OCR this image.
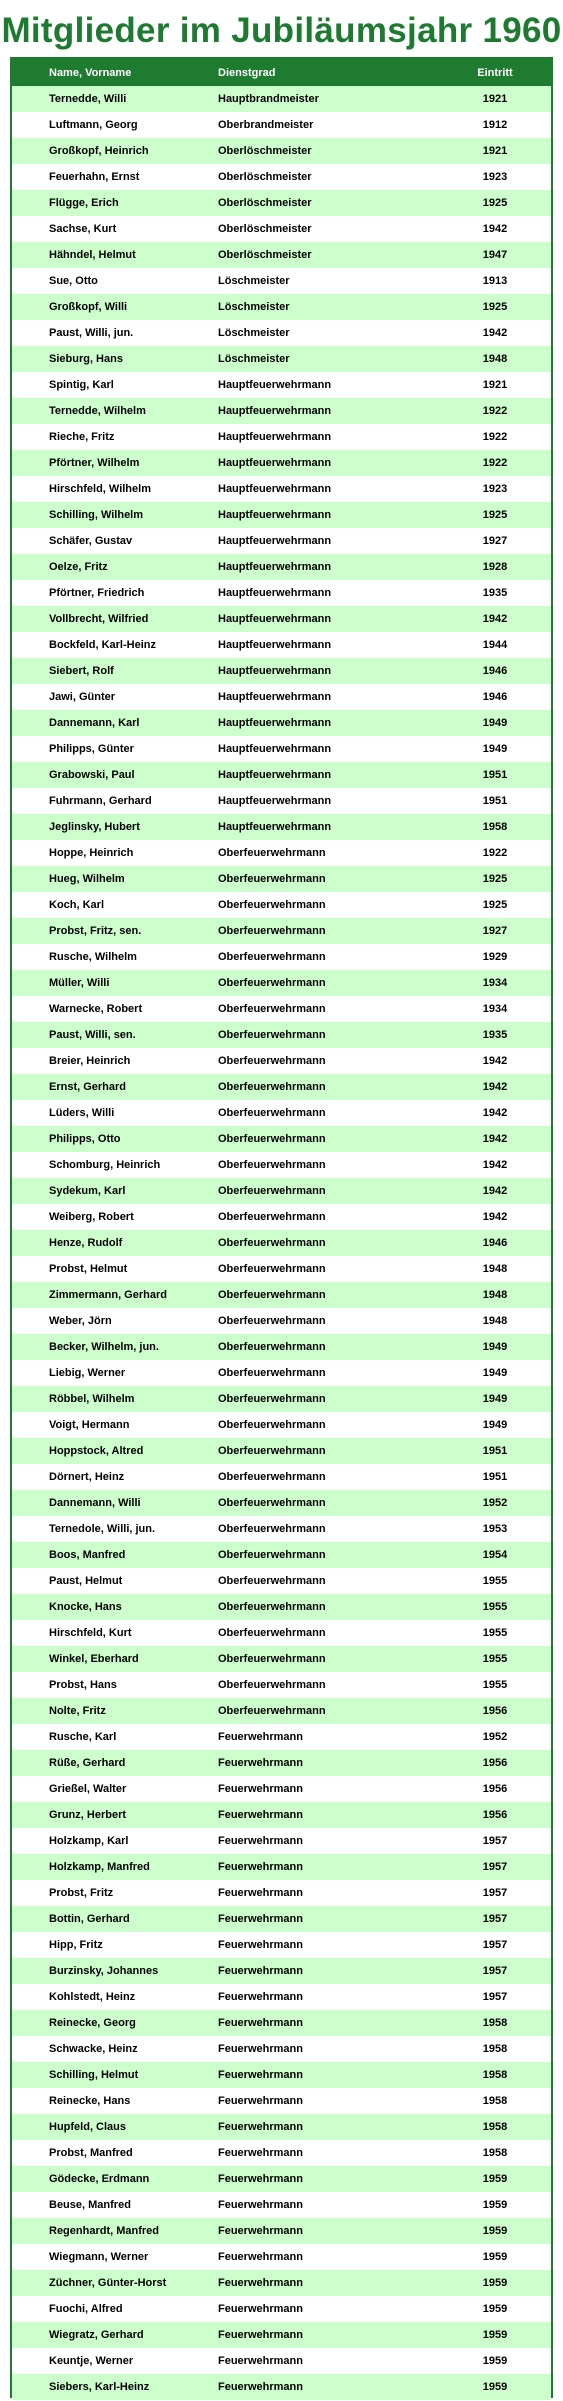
Mitglieder im Jubiläumsjahr 1960
Name, Vorname	Dienstgrad	Eintritt
Ternedde, Willi	Hauptbrandmeister	1921
Luftmann, Georg	Oberbrandmeister	1912
Großkopf, Heinrich	Oberlöschmeister	1921
Feuerhahn, Ernst	Oberlöschmeister	1923
Flügge, Erich	Oberlöschmeister	1925
Sachse, Kurt	Oberlöschmeister	1942
Hähndel, Helmut	Oberlöschmeister	1947
Sue, Otto	Löschmeister	1913
Großkopf, Willi	Löschmeister	1925
Paust, Willi, jun.	Löschmeister	1942
Sieburg, Hans	Löschmeister	1948
Spintig, Karl	Hauptfeuerwehrmann	1921
Ternedde, Wilhelm	Hauptfeuerwehrmann	1922
Rieche, Fritz	Hauptfeuerwehrmann	1922
Pförtner, Wilhelm	Hauptfeuerwehrmann	1922
Hirschfeld, Wilhelm	Hauptfeuerwehrmann	1923
Schilling, Wilhelm	Hauptfeuerwehrmann	1925
Schäfer, Gustav	Hauptfeuerwehrmann	1927
Oelze, Fritz	Hauptfeuerwehrmann	1928
Pförtner, Friedrich	Hauptfeuerwehrmann	1935
Vollbrecht, Wilfried	Hauptfeuerwehrmann	1942
Bockfeld, Karl-Heinz	Hauptfeuerwehrmann	1944
Siebert, Rolf	Hauptfeuerwehrmann	1946
Jawi, Günter	Hauptfeuerwehrmann	1946
Dannemann, Karl	Hauptfeuerwehrmann	1949
Philipps, Günter	Hauptfeuerwehrmann	1949
Grabowski, Paul	Hauptfeuerwehrmann	1951
Fuhrmann, Gerhard	Hauptfeuerwehrmann	1951
Jeglinsky, Hubert	Hauptfeuerwehrmann	1958
Hoppe, Heinrich	Oberfeuerwehrmann	1922
Hueg, Wilhelm	Oberfeuerwehrmann	1925
Koch, Karl	Oberfeuerwehrmann	1925
Probst, Fritz, sen.	Oberfeuerwehrmann	1927
Rusche, Wilhelm	Oberfeuerwehrmann	1929
Müller, Willi	Oberfeuerwehrmann	1934
Warnecke, Robert	Oberfeuerwehrmann	1934
Paust, Willi, sen.	Oberfeuerwehrmann	1935
Breier, Heinrich	Oberfeuerwehrmann	1942
Ernst, Gerhard	Oberfeuerwehrmann	1942
Lüders, Willi	Oberfeuerwehrmann	1942
Philipps, Otto	Oberfeuerwehrmann	1942
Schomburg, Heinrich	Oberfeuerwehrmann	1942
Sydekum, Karl	Oberfeuerwehrmann	1942
Weiberg, Robert	Oberfeuerwehrmann	1942
Henze, Rudolf	Oberfeuerwehrmann	1946
Probst, Helmut	Oberfeuerwehrmann	1948
Zimmermann, Gerhard	Oberfeuerwehrmann	1948
Weber, Jörn	Oberfeuerwehrmann	1948
Becker, Wilhelm, jun.	Oberfeuerwehrmann	1949
Liebig, Werner	Oberfeuerwehrmann	1949
Röbbel, Wilhelm	Oberfeuerwehrmann	1949
Voigt, Hermann	Oberfeuerwehrmann	1949
Hoppstock, Altred	Oberfeuerwehrmann	1951
Dörnert, Heinz	Oberfeuerwehrmann	1951
Dannemann, Willi	Oberfeuerwehrmann	1952
Ternedole, Willi, jun.	Oberfeuerwehrmann	1953
Boos, Manfred	Oberfeuerwehrmann	1954
Paust, Helmut	Oberfeuerwehrmann	1955
Knocke, Hans	Oberfeuerwehrmann	1955
Hirschfeld, Kurt	Oberfeuerwehrmann	1955
Winkel, Eberhard	Oberfeuerwehrmann	1955
Probst, Hans	Oberfeuerwehrmann	1955
Nolte, Fritz	Oberfeuerwehrmann	1956
Rusche, Karl	Feuerwehrmann	1952
Rüße, Gerhard	Feuerwehrmann	1956
Grießel, Walter	Feuerwehrmann	1956
Grunz, Herbert	Feuerwehrmann	1956
Holzkamp, Karl	Feuerwehrmann	1957
Holzkamp, Manfred	Feuerwehrmann	1957
Probst, Fritz	Feuerwehrmann	1957
Bottin, Gerhard	Feuerwehrmann	1957
Hipp, Fritz	Feuerwehrmann	1957
Burzinsky, Johannes	Feuerwehrmann	1957
Kohlstedt, Heinz	Feuerwehrmann	1957
Reinecke, Georg	Feuerwehrmann	1958
Schwacke, Heinz	Feuerwehrmann	1958
Schilling, Helmut	Feuerwehrmann	1958
Reinecke, Hans	Feuerwehrmann	1958
Hupfeld, Claus	Feuerwehrmann	1958
Probst, Manfred	Feuerwehrmann	1958
Gödecke, Erdmann	Feuerwehrmann	1959
Beuse, Manfred	Feuerwehrmann	1959
Regenhardt, Manfred	Feuerwehrmann	1959
Wiegmann, Werner	Feuerwehrmann	1959
Züchner, Günter-Horst	Feuerwehrmann	1959
Fuochi, Alfred	Feuerwehrmann	1959
Wiegratz, Gerhard	Feuerwehrmann	1959
Keuntje, Werner	Feuerwehrmann	1959
Siebers, Karl-Heinz	Feuerwehrmann	1959
